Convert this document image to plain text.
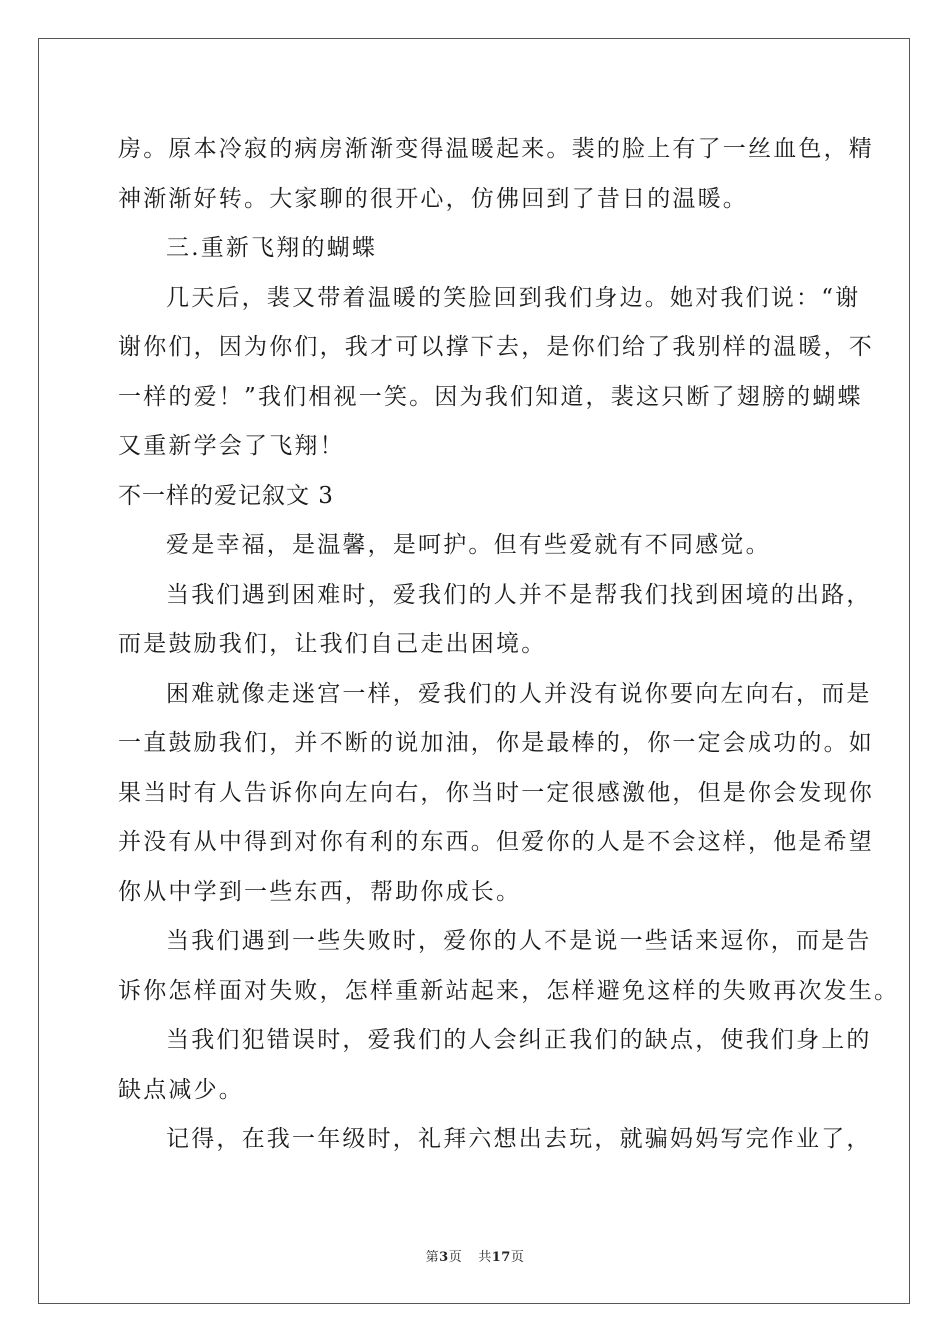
房。原本冷寂的病房渐渐变得温暖起来。裴的脸上有了一丝血色，精
神渐渐好转。大家聊的很开心，仿佛回到了昔日的温暖。
三.重新飞翔的蝴蝶
几天后，裴又带着温暖的笑脸回到我们身边。她对我们说：“谢
谢你们，因为你们，我才可以撑下去，是你们给了我别样的温暖，不
一样的爱！”我们相视一笑。因为我们知道，裴这只断了翅膀的蝴蝶
又重新学会了飞翔！
不一样的爱记叙文 3
爱是幸福，是温馨，是呵护。但有些爱就有不同感觉。
当我们遇到困难时，爱我们的人并不是帮我们找到困境的出路，
而是鼓励我们，让我们自己走出困境。
困难就像走迷宫一样，爱我们的人并没有说你要向左向右，而是
一直鼓励我们，并不断的说加油，你是最棒的，你一定会成功的。如
果当时有人告诉你向左向右，你当时一定很感激他，但是你会发现你
并没有从中得到对你有利的东西。但爱你的人是不会这样，他是希望
你从中学到一些东西，帮助你成长。
当我们遇到一些失败时，爱你的人不是说一些话来逗你，而是告
诉你怎样面对失败，怎样重新站起来，怎样避免这样的失败再次发生。
当我们犯错误时，爱我们的人会纠正我们的缺点，使我们身上的
缺点减少。
记得，在我一年级时，礼拜六想出去玩，就骗妈妈写完作业了，
第3页 共17页
